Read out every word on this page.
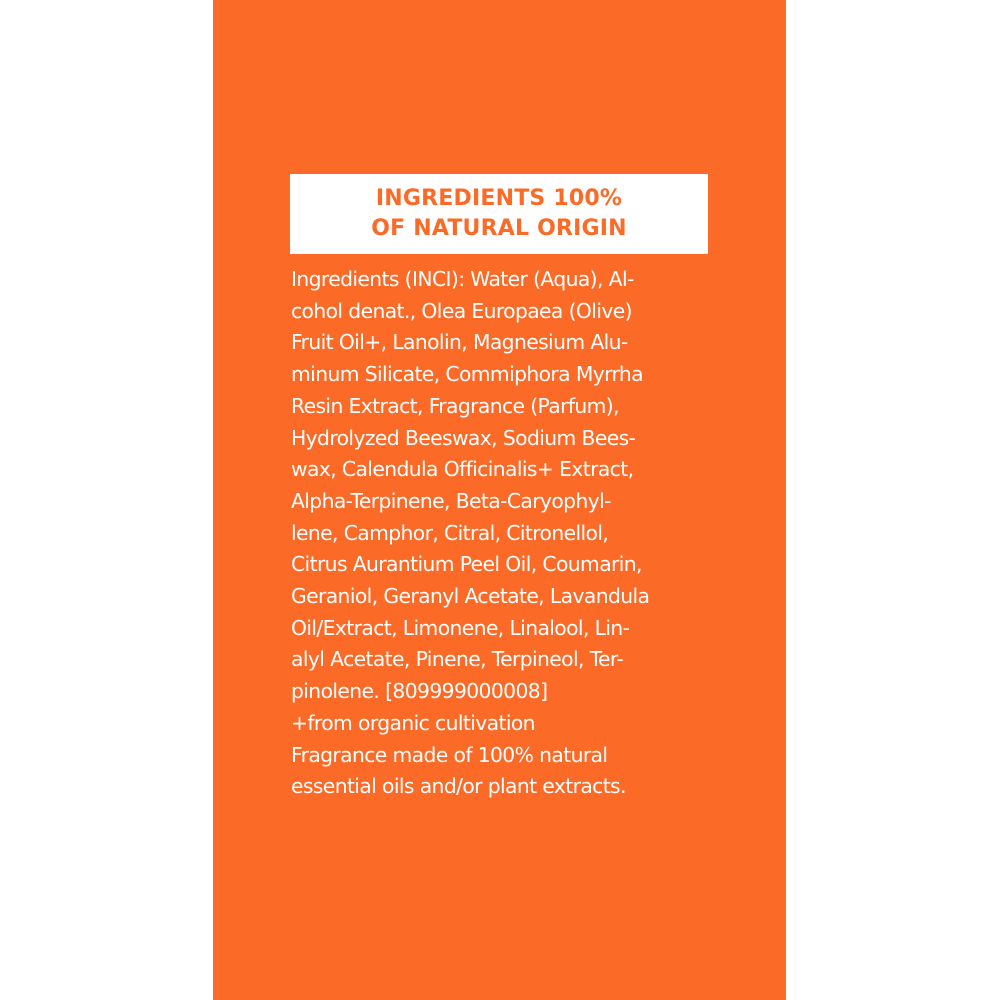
INGREDIENTS 100%
OF NATURAL ORIGIN
Ingredients (INCI): Water (Aqua), Al-
cohol denat., Olea Europaea (Olive)
Fruit Oil+, Lanolin, Magnesium Alu-
minum Silicate, Commiphora Myrrha
Resin Extract, Fragrance (Parfum),
Hydrolyzed Beeswax, Sodium Bees-
wax, Calendula Officinalis+ Extract,
Alpha-Terpinene, Beta-Caryophyl-
lene, Camphor, Citral, Citronellol,
Citrus Aurantium Peel Oil, Coumarin,
Geraniol, Geranyl Acetate, Lavandula
Oil/Extract, Limonene, Linalool, Lin-
alyl Acetate, Pinene, Terpineol, Ter-
pinolene. [809999000008]
+from organic cultivation
Fragrance made of 100% natural
essential oils and/or plant extracts.
